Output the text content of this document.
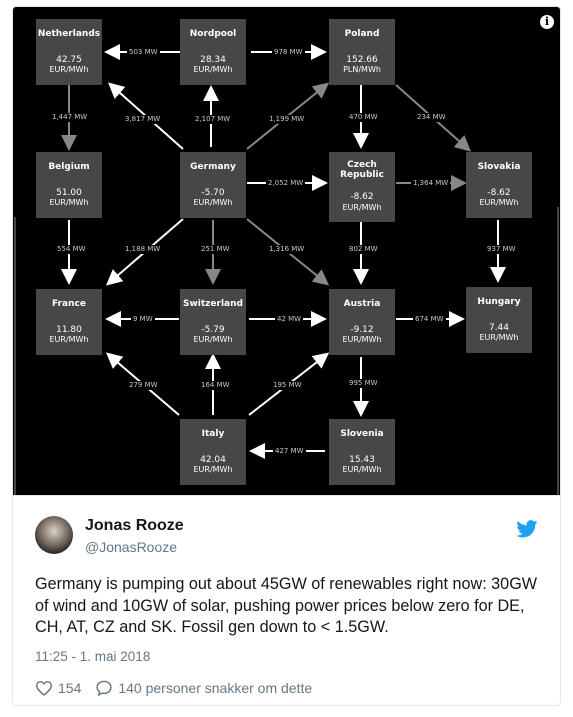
i
Netherlands
42.75
EUR/MWh
Nordpool
28.34
EUR/MWh
Poland
152.66
PLN/MWh
Belgium
51.00
EUR/MWh
Germany
-5.70
EUR/MWh
Czech
Republic
-8.62
EUR/MWh
Slovakia
-8.62
EUR/MWh
France
11.80
EUR/MWh
Switzerland
-5.79
EUR/MWh
Austria
-9.12
EUR/MWh
Hungary
7.44
EUR/MWh
Italy
42.04
EUR/MWh
Slovenia
15.43
EUR/MWh
503 MW	978 MW
1,447 MW	3,817 MW	2,107 MW	1,199 MW	470 MW	234 MW
2,052 MW	1,364 MW
554 MW	1,188 MW	251 MW	1,316 MW	802 MW	937 MW
9 MW	42 MW	674 MW
279 MW	164 MW	195 MW	995 MW
427 MW
Jonas Rooze
@JonasRooze
Germany is pumping out about 45GW of renewables right now: 30GW of wind and 10GW of solar, pushing power prices below zero for DE, CH, AT, CZ and SK. Fossil gen down to < 1.5GW.
11:25 - 1. mai 2018
154	140 personer snakker om dette
